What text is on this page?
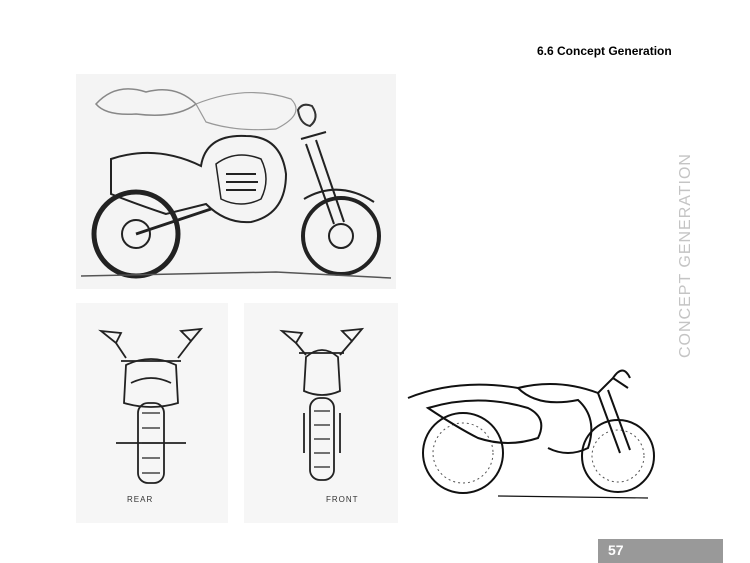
6.6 Concept Generation
CONCEPT GENERATION
REAR	FRONT
57
